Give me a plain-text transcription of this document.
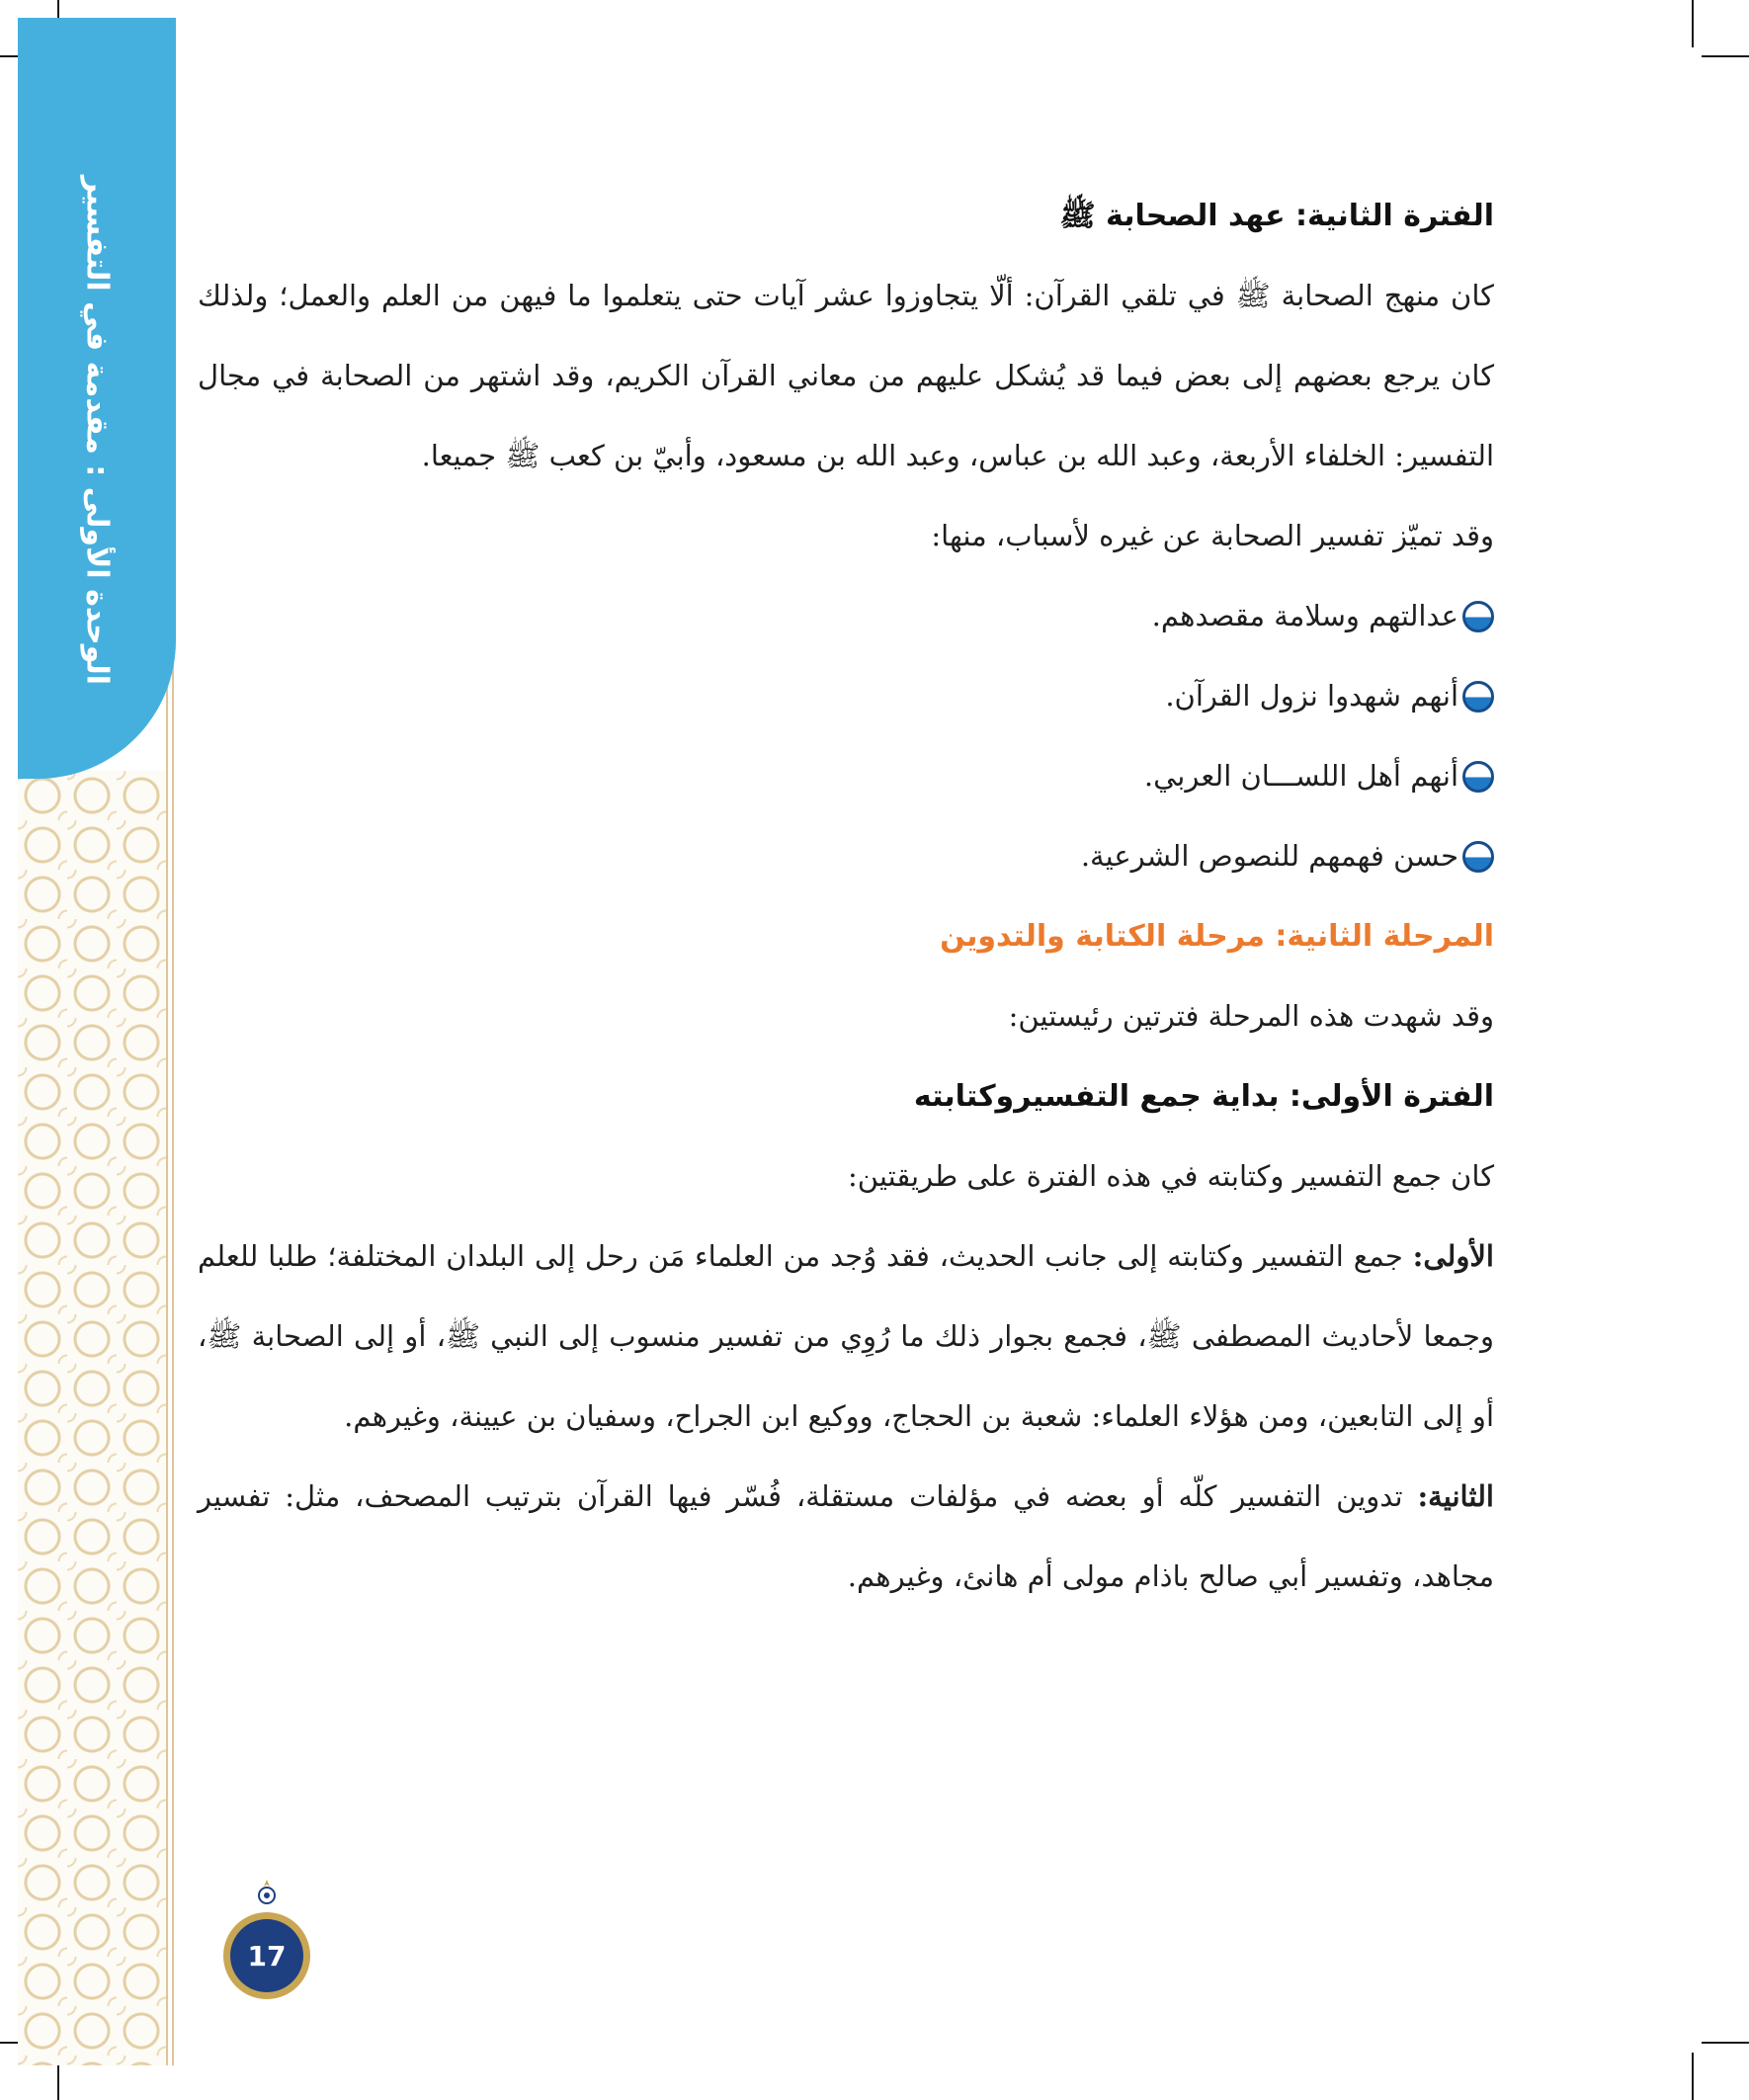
الوحدة الأولى : مقدمة في التفسير	الفترة الثانية: عهد الصحابة ﷺ

كان منهج الصحابة ﷺ في تلقي القرآن: ألّا يتجاوزوا عشر آيات حتى يتعلموا ما فيهن من العلم والعمل؛ ولذلك كان يرجع بعضهم إلى بعض فيما قد يُشكل عليهم من معاني القرآن الكريم، وقد اشتهر من الصحابة في مجال التفسير: الخلفاء الأربعة، وعبد الله بن عباس، وعبد الله بن مسعود، وأبيّ بن كعب ﷺ جميعا.

وقد تميّز تفسير الصحابة عن غيره لأسباب، منها:

عدالتهم وسلامة مقصدهم.
أنهم شهدوا نزول القرآن.
أنهم أهل اللســـان العربي.
حسن فهمهم للنصوص الشرعية.

المرحلة الثانية: مرحلة الكتابة والتدوين

وقد شهدت هذه المرحلة فترتين رئيستين:

الفترة الأولى: بداية جمع التفسيروكتابته

كان جمع التفسير وكتابته في هذه الفترة على طريقتين:

الأولى: جمع التفسير وكتابته إلى جانب الحديث، فقد وُجد من العلماء مَن رحل إلى البلدان المختلفة؛ طلبا للعلم وجمعا لأحاديث المصطفى ﷺ، فجمع بجوار ذلك ما رُوِي من تفسير منسوب إلى النبي ﷺ، أو إلى الصحابة ﷺ، أو إلى التابعين، ومن هؤلاء العلماء: شعبة بن الحجاج، ووكيع ابن الجراح، وسفيان بن عيينة، وغيرهم.

الثانية: تدوين التفسير كلّه أو بعضه في مؤلفات مستقلة، فُسّر فيها القرآن بترتيب المصحف، مثل: تفسير مجاهد، وتفسير أبي صالح باذام مولى أم هانئ، وغيرهم.

17
